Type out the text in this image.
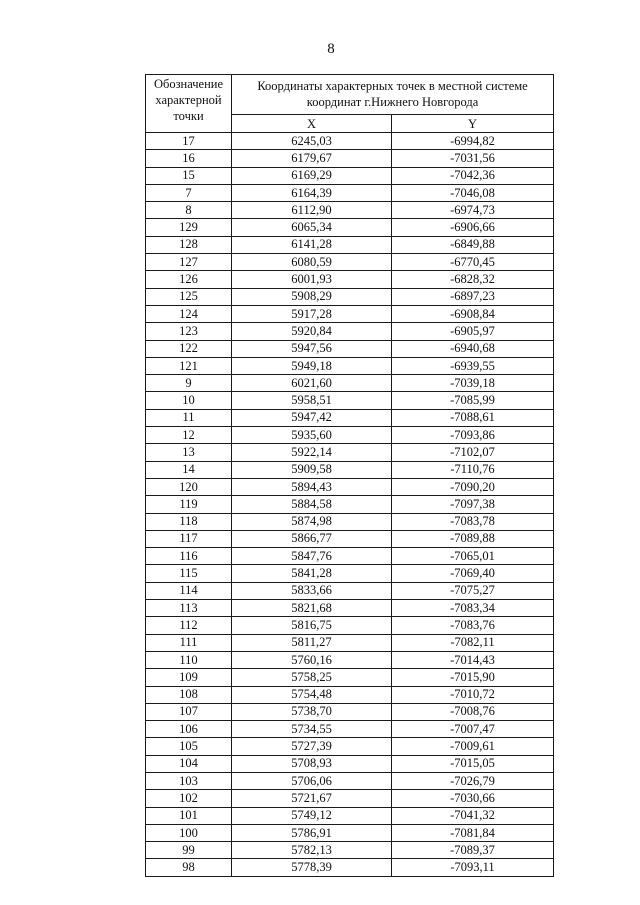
8
Обозначение характерной точки	Координаты характерных точек в местной системе координат г.Нижнего Новгорода	
	X	Y
17	6245,03	-6994,82
16	6179,67	-7031,56
15	6169,29	-7042,36
7	6164,39	-7046,08
8	6112,90	-6974,73
129	6065,34	-6906,66
128	6141,28	-6849,88
127	6080,59	-6770,45
126	6001,93	-6828,32
125	5908,29	-6897,23
124	5917,28	-6908,84
123	5920,84	-6905,97
122	5947,56	-6940,68
121	5949,18	-6939,55
9	6021,60	-7039,18
10	5958,51	-7085,99
11	5947,42	-7088,61
12	5935,60	-7093,86
13	5922,14	-7102,07
14	5909,58	-7110,76
120	5894,43	-7090,20
119	5884,58	-7097,38
118	5874,98	-7083,78
117	5866,77	-7089,88
116	5847,76	-7065,01
115	5841,28	-7069,40
114	5833,66	-7075,27
113	5821,68	-7083,34
112	5816,75	-7083,76
111	5811,27	-7082,11
110	5760,16	-7014,43
109	5758,25	-7015,90
108	5754,48	-7010,72
107	5738,70	-7008,76
106	5734,55	-7007,47
105	5727,39	-7009,61
104	5708,93	-7015,05
103	5706,06	-7026,79
102	5721,67	-7030,66
101	5749,12	-7041,32
100	5786,91	-7081,84
99	5782,13	-7089,37
98	5778,39	-7093,11
